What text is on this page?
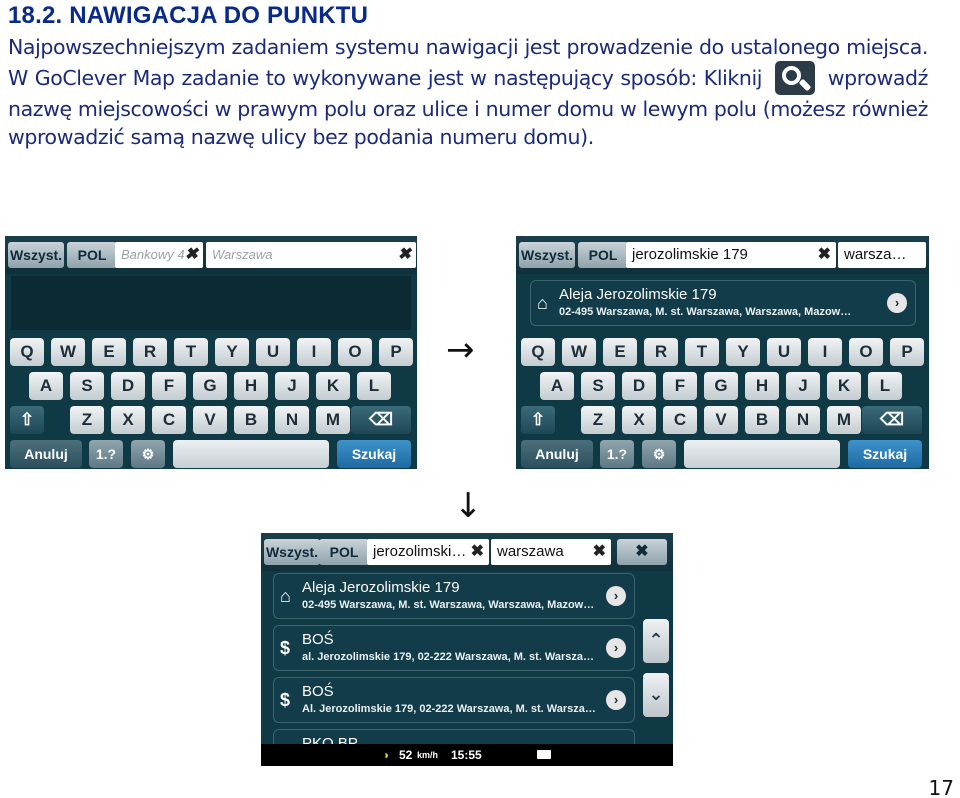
18.2. NAWIGACJA DO PUNKTU
Najpowszechniejszym zadaniem systemu nawigacji jest prowadzenie do ustalonego miejsca. W GoClever Map zadanie to wykonywane jest w następujący sposób: Kliknij	wprowadź nazwę miejscowości w prawym polu oraz ulice i numer domu w lewym polu (możesz również wprowadzić samą nazwę ulicy bez podania numeru domu).
Wszyst.	POL	Bankowy 4 ✖	Warszawa	✖
Q	W	E	R	T	Y	U	I	O	P
A	S	D	F	G	H	J	K	L
⇧	Z	X	C	V	B	N	M	⌫
Anuluj	1.?	⚙	Szukaj
→
Wszyst.	POL jerozolimskie 179	✖ warsza…
⌂ Aleja Jerozolimskie 179
02-495 Warszawa, M. st. Warszawa, Warszawa, Mazow…
›
Q	W	E	R	T	Y	U	I	O	P
A	S	D	F	G	H	J	K	L
⇧	Z	X	C	V	B	N	M	⌫
Anuluj	1.?	⚙	Szukaj
↓
Wszyst. POL jerozolimski… ✖ warszawa ✖	✖
⌂ Aleja Jerozolimskie 179
02-495 Warszawa, M. st. Warszawa, Warszawa, Mazow…
›
$ BOŚ
al. Jerozolimskie 179, 02-222 Warszawa, M. st. Warsza…
›
$ BOŚ
Al. Jerozolimskie 179, 02-222 Warszawa, M. st. Warsza…
›
⌃
⌄
◗ 52 km/h 15:55
17
